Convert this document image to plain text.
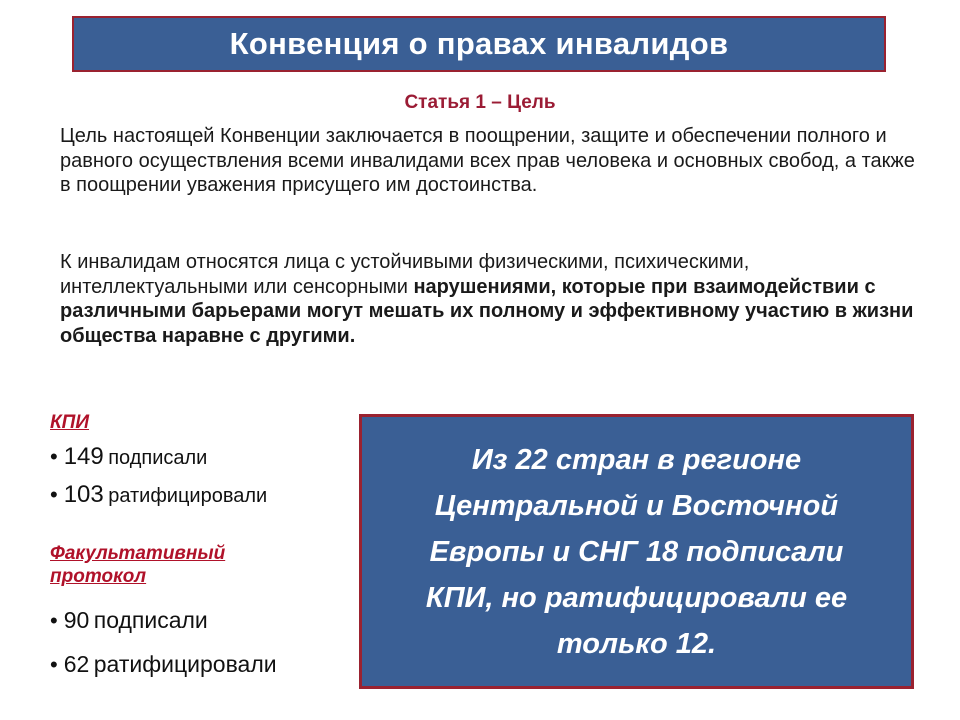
Конвенция о правах инвалидов
Статья 1 – Цель
Цель настоящей Конвенции заключается в поощрении, защите и обеспечении полного и равного осуществления всеми инвалидами всех прав человека и основных свобод, а также в поощрении уважения присущего им достоинства.
К инвалидам относятся лица с устойчивыми физическими, психическими, интеллектуальными или сенсорными нарушениями, которые при взаимодействии с различными барьерами могут мешать их полному и эффективному участию в жизни общества наравне с другими.
КПИ
• 149 подписали
• 103 ратифицировали
Факультативный
протокол
• 90 подписали
• 62 ратифицировали
Из 22 стран в регионе
Центральной и Восточной
Европы и СНГ 18 подписали
КПИ, но ратифицировали ее
только 12.
